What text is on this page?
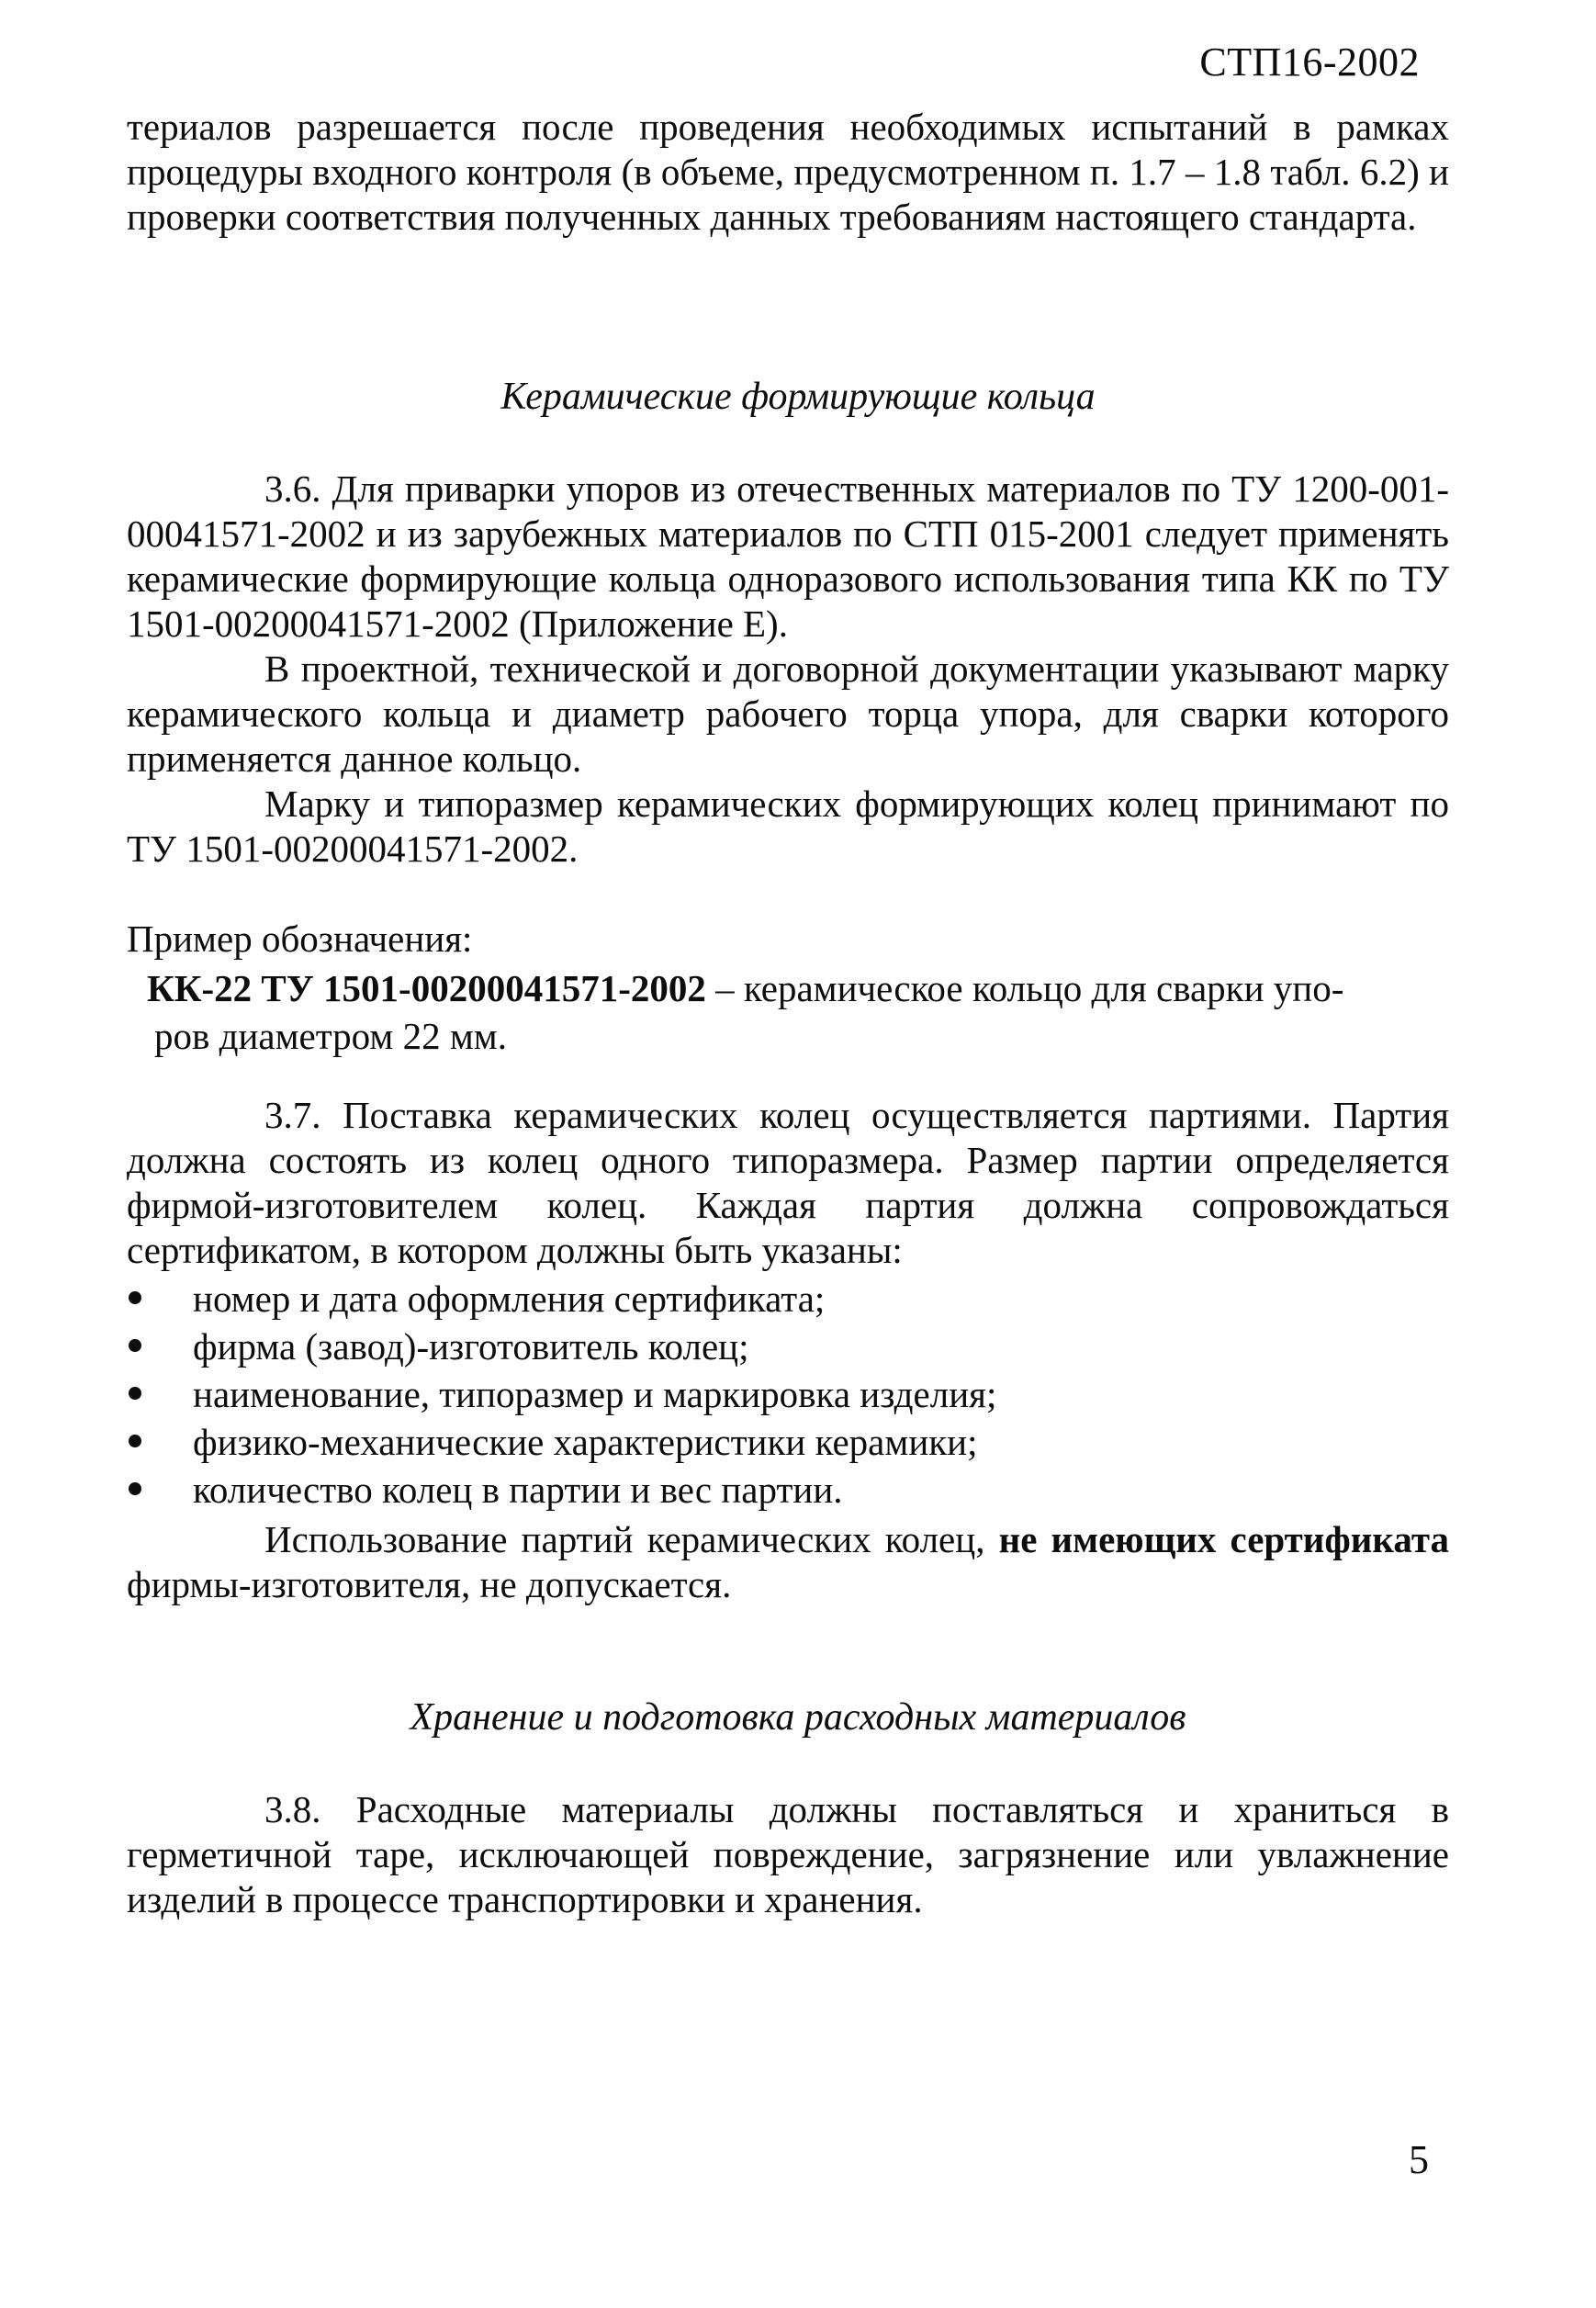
СТП16-2002

териалов разрешается после проведения необходимых испытаний в рамках процедуры входного контроля (в объеме, предусмотренном п. 1.7 – 1.8 табл. 6.2) и проверки соответствия полученных данных требованиям настоящего стандарта.

Керамические формирующие кольца

3.6. Для приварки упоров из отечественных материалов по ТУ 1200-001-00041571-2002 и из зарубежных материалов по СТП 015-2001 следует применять керамические формирующие кольца одноразового использования типа КК по ТУ 1501-00200041571-2002 (Приложение Е).

В проектной, технической и договорной документации указывают марку керамического кольца и диаметр рабочего торца упора, для сварки которого применяется данное кольцо.

Марку и типоразмер керамических формирующих колец принимают по ТУ 1501-00200041571-2002.

Пример обозначения:
КК-22 ТУ 1501-00200041571-2002 – керамическое кольцо для сварки упо-
ров диаметром 22 мм.

3.7. Поставка керамических колец осуществляется партиями. Партия должна состоять из колец одного типоразмера. Размер партии определяется фирмой-изготовителем колец. Каждая партия должна сопровождаться сертификатом, в котором должны быть указаны:

номер и дата оформления сертификата;
фирма (завод)-изготовитель колец;
наименование, типоразмер и маркировка изделия;
физико-механические характеристики керамики;
количество колец в партии и вес партии.

Использование партий керамических колец, не имеющих сертификата фирмы-изготовителя, не допускается.

Хранение и подготовка расходных материалов

3.8. Расходные материалы должны поставляться и храниться в герметичной таре, исключающей повреждение, загрязнение или увлажнение изделий в процессе транспортировки и хранения.

5
